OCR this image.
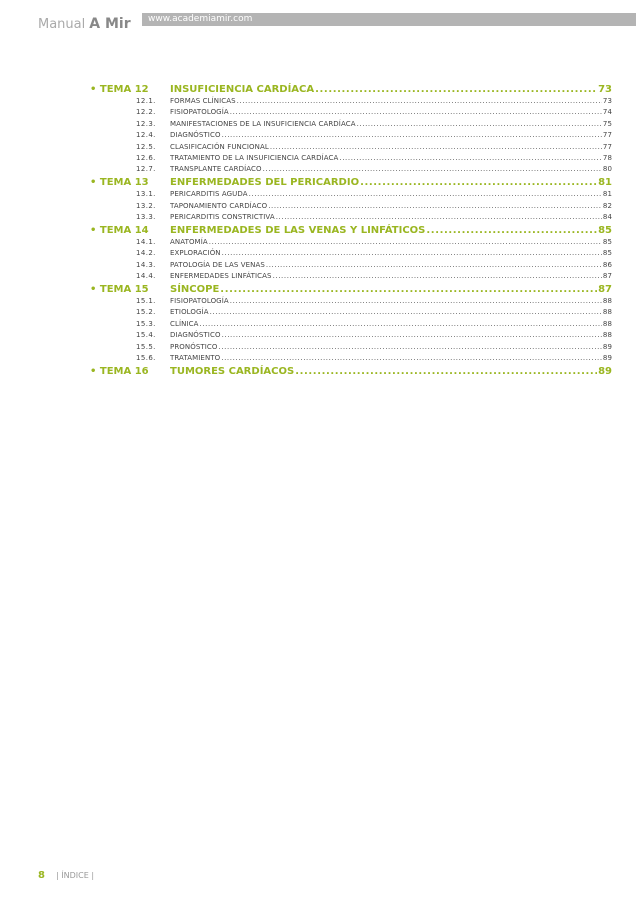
Manual A Mir www.academiamir.com
• TEMA 12 INSUFICIENCIA CARDÍACA .....	73
12.1. FORMAS CLÍNICAS .....	73
12.2. FISIOPATOLOGÍA .....	74
12.3. MANIFESTACIONES DE LA INSUFICIENCIA CARDÍACA .....	75
12.4. DIAGNÓSTICO .....	77
12.5. CLASIFICACIÓN FUNCIONAL .....	77
12.6. TRATAMIENTO DE LA INSUFICIENCIA CARDÍACA .....	78
12.7. TRANSPLANTE CARDÍACO .....	80
• TEMA 13 ENFERMEDADES DEL PERICARDIO .....	81
13.1. PERICARDITIS AGUDA .....	81
13.2. TAPONAMIENTO CARDÍACO .....	82
13.3. PERICARDITIS CONSTRICTIVA .....	84
• TEMA 14 ENFERMEDADES DE LAS VENAS Y LINFÁTICOS .....	85
14.1. ANATOMÍA .....	85
14.2. EXPLORACIÓN .....	85
14.3. PATOLOGÍA DE LAS VENAS .....	86
14.4. ENFERMEDADES LINFÁTICAS .....	87
• TEMA 15 SÍNCOPE .....	87
15.1. FISIOPATOLOGÍA .....	88
15.2. ETIOLOGÍA .....	88
15.3. CLÍNICA .....	88
15.4. DIAGNÓSTICO .....	88
15.5. PRONÓSTICO .....	89
15.6. TRATAMIENTO .....	89
• TEMA 16 TUMORES CARDÍACOS .....	89
8 | ÍNDICE |
